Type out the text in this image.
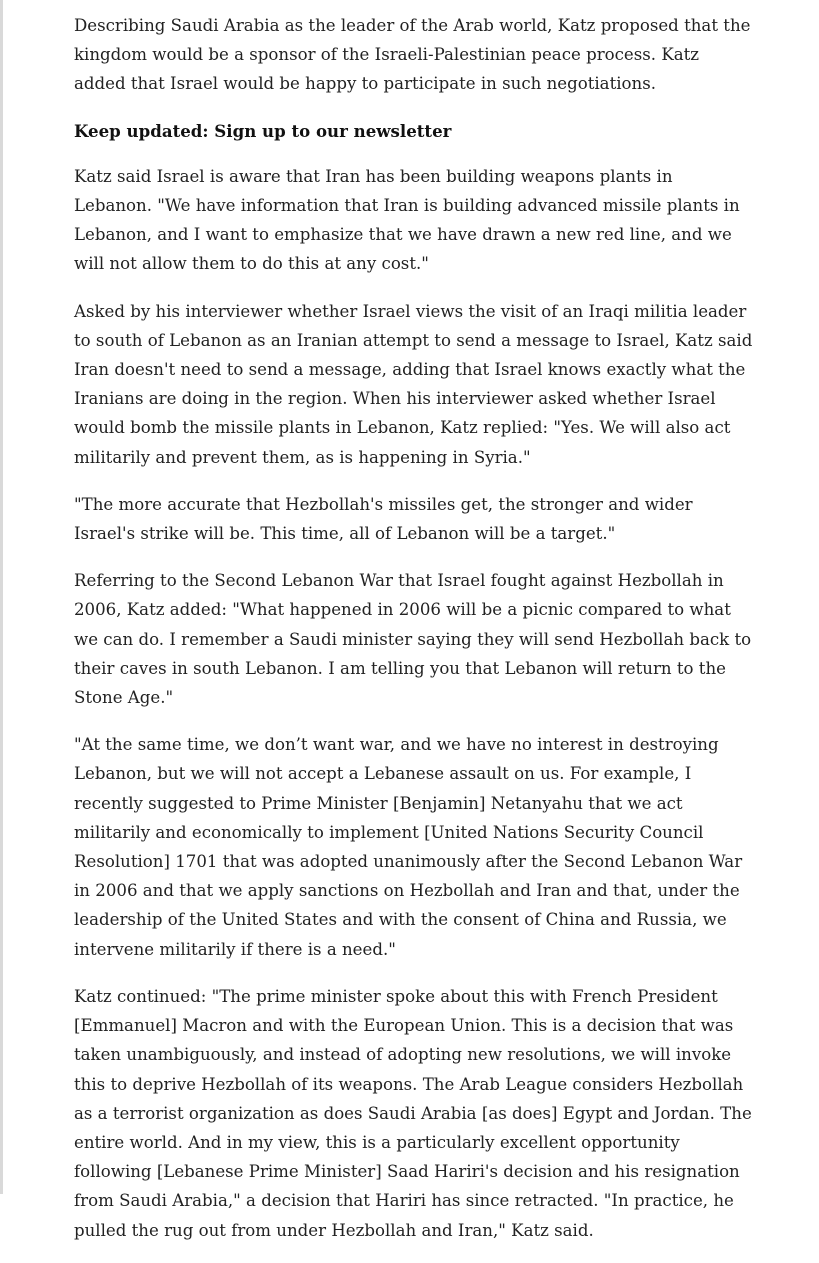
Describing Saudi Arabia as the leader of the Arab world, Katz proposed that the kingdom would be a sponsor of the Israeli-Palestinian peace process. Katz added that Israel would be happy to participate in such negotiations.

Keep updated: Sign up to our newsletter

Katz said Israel is aware that Iran has been building weapons plants in Lebanon. "We have information that Iran is building advanced missile plants in Lebanon, and I want to emphasize that we have drawn a new red line, and we will not allow them to do this at any cost."

Asked by his interviewer whether Israel views the visit of an Iraqi militia leader to south of Lebanon as an Iranian attempt to send a message to Israel, Katz said Iran doesn't need to send a message, adding that Israel knows exactly what the Iranians are doing in the region. When his interviewer asked whether Israel would bomb the missile plants in Lebanon, Katz replied: "Yes. We will also act militarily and prevent them, as is happening in Syria."

"The more accurate that Hezbollah's missiles get, the stronger and wider Israel's strike will be. This time, all of Lebanon will be a target."

Referring to the Second Lebanon War that Israel fought against Hezbollah in 2006, Katz added: "What happened in 2006 will be a picnic compared to what we can do. I remember a Saudi minister saying they will send Hezbollah back to their caves in south Lebanon. I am telling you that Lebanon will return to the Stone Age."

"At the same time, we don’t want war, and we have no interest in destroying Lebanon, but we will not accept a Lebanese assault on us. For example, I recently suggested to Prime Minister [Benjamin] Netanyahu that we act militarily and economically to implement [United Nations Security Council Resolution] 1701 that was adopted unanimously after the Second Lebanon War in 2006 and that we apply sanctions on Hezbollah and Iran and that, under the leadership of the United States and with the consent of China and Russia, we intervene militarily if there is a need."

Katz continued: "The prime minister spoke about this with French President [Emmanuel] Macron and with the European Union. This is a decision that was taken unambiguously, and instead of adopting new resolutions, we will invoke this to deprive Hezbollah of its weapons. The Arab League considers Hezbollah as a terrorist organization as does Saudi Arabia [as does] Egypt and Jordan. The entire world. And in my view, this is a particularly excellent opportunity following [Lebanese Prime Minister] Saad Hariri's decision and his resignation from Saudi Arabia," a decision that Hariri has since retracted. "In practice, he pulled the rug out from under Hezbollah and Iran," Katz said.
